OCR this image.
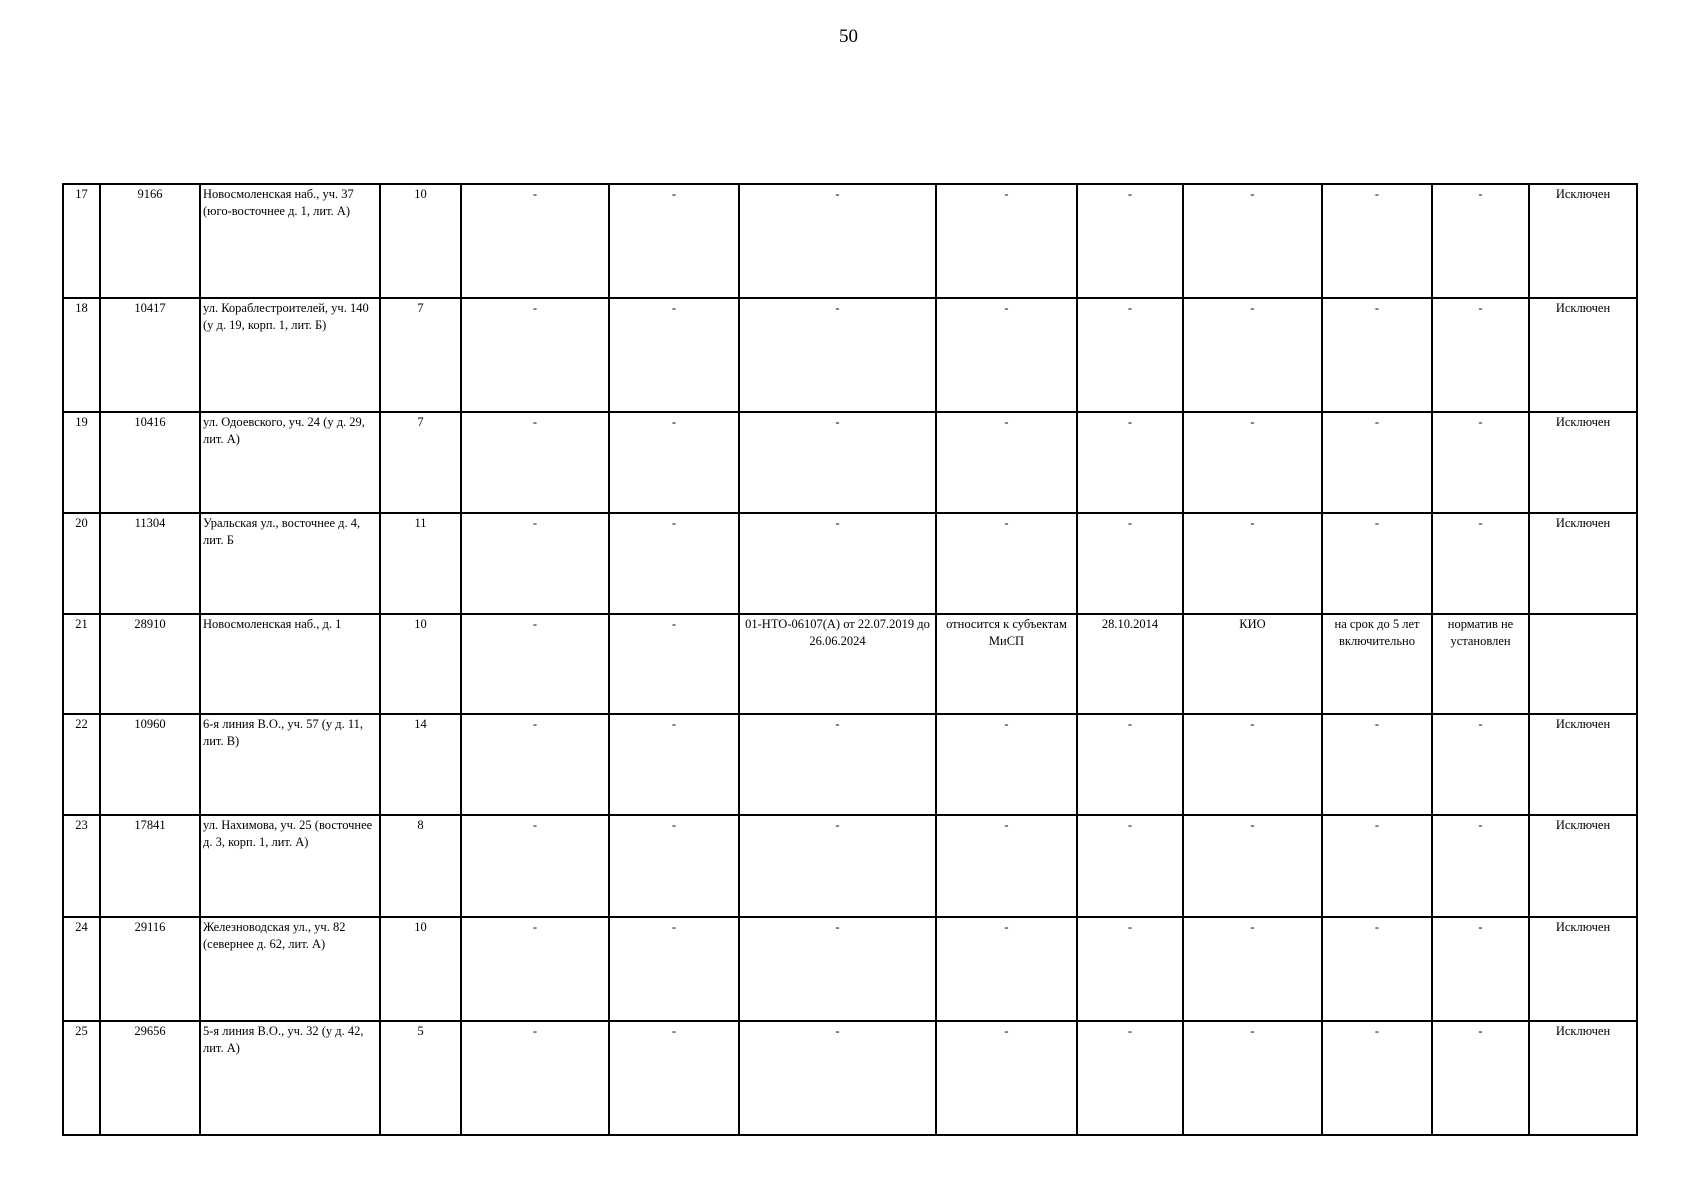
50
17	9166	Новосмоленская наб., уч. 37 (юго-восточнее д. 1, лит. А)	10	-	-	-	-	-	-	-	-	Исключен
18	10417	ул. Кораблестроителей, уч. 140 (у д. 19, корп. 1, лит. Б)	7	-	-	-	-	-	-	-	-	Исключен
19	10416	ул. Одоевского, уч. 24 (у д. 29, лит. А)	7	-	-	-	-	-	-	-	-	Исключен
20	11304	Уральская ул., восточнее д. 4, лит. Б	11	-	-	-	-	-	-	-	-	Исключен
21	28910	Новосмоленская наб., д. 1	10	-	-	01-НТО-06107(А) от 22.07.2019 до 26.06.2024	относится к субъектам МиСП	28.10.2014	КИО	на срок до 5 лет включительно	норматив не установлен	
22	10960	6-я линия В.О., уч. 57 (у д. 11, лит. В)	14	-	-	-	-	-	-	-	-	Исключен
23	17841	ул. Нахимова, уч. 25 (восточнее д. 3, корп. 1, лит. А)	8	-	-	-	-	-	-	-	-	Исключен
24	29116	Железноводская ул., уч. 82 (севернее д. 62, лит. А)	10	-	-	-	-	-	-	-	-	Исключен
25	29656	5-я линия В.О., уч. 32 (у д. 42, лит. А)	5	-	-	-	-	-	-	-	-	Исключен
